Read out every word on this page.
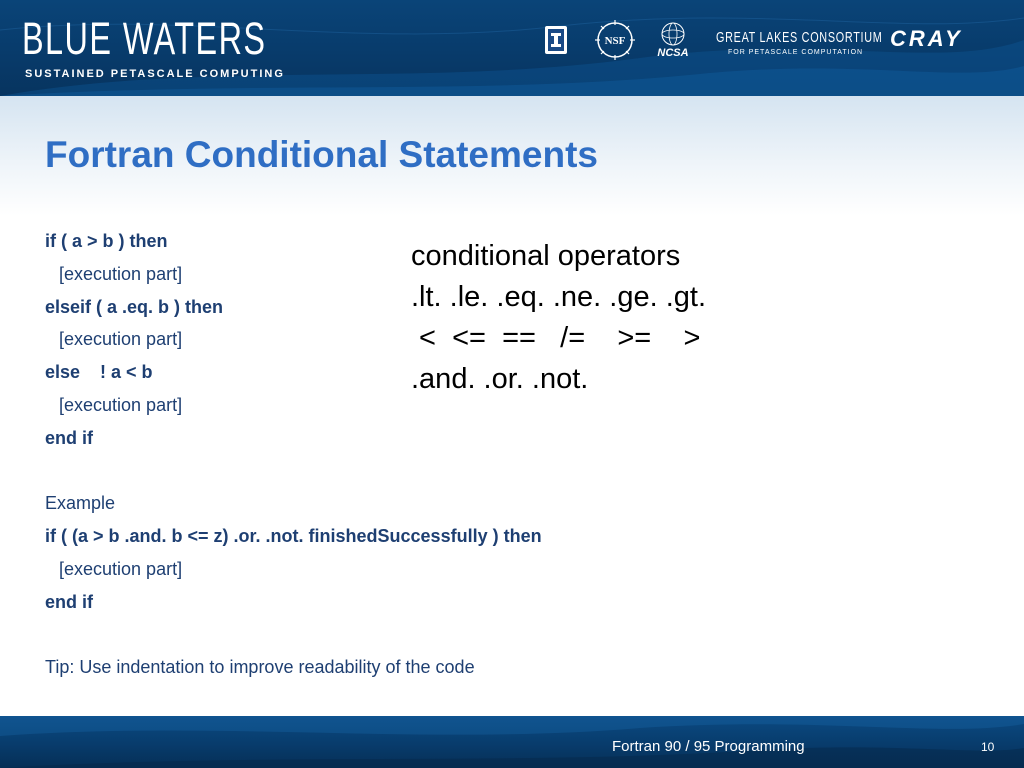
BLUE WATERS
SUSTAINED PETASCALE COMPUTING
NSF
NCSA
GREAT LAKES CONSORTIUM
FOR PETASCALE COMPUTATION
CRAY
Fortran Conditional Statements
if ( a > b ) then
[execution part]
elseif ( a .eq. b ) then
[execution part]
else    ! a < b
[execution part]
end if
Example
if ( (a > b .and. b <= z) .or. .not. finishedSuccessfully ) then
[execution part]
end if
Tip: Use indentation to improve readability of the code
conditional operators
.lt. .le. .eq. .ne. .ge. .gt.
<  <=  ==   /=    >=    >
.and. .or. .not.
Fortran 90 / 95 Programming	10
